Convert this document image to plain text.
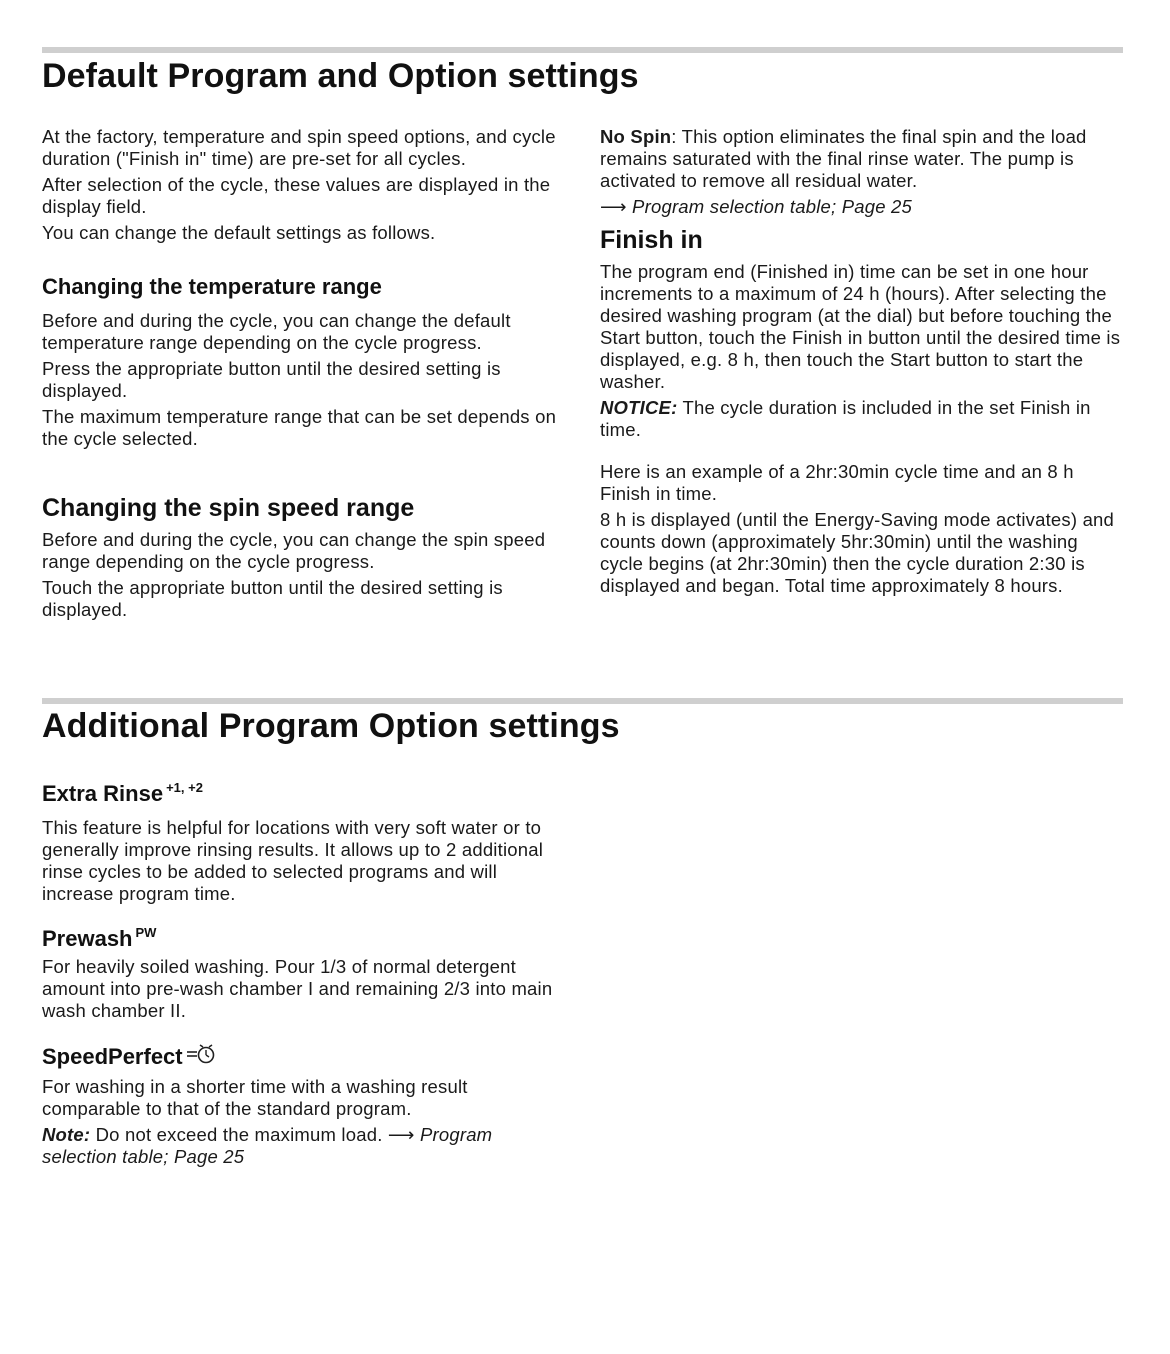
Default Program and Option settings

At the factory, temperature and spin speed options, and cycle duration ("Finish in" time) are pre-set for all cycles.

After selection of the cycle, these values are displayed in the display field.

You can change the default settings as follows.

Changing the temperature range

Before and during the cycle, you can change the default temperature range depending on the cycle progress.

Press the appropriate button until the desired setting is displayed.

The maximum temperature range that can be set depends on the cycle selected.

Changing the spin speed range

Before and during the cycle, you can change the spin speed range depending on the cycle progress.

Touch the appropriate button until the desired setting is displayed.

No Spin: This option eliminates the final spin and the load remains saturated with the final rinse water. The pump is activated to remove all residual water.

⟶ Program selection table; Page 25

Finish in

The program end (Finished in) time can be set in one hour increments to a maximum of 24 h (hours). After selecting the desired washing program (at the dial) but before touching the Start button, touch the Finish in button until the desired time is displayed, e.g. 8 h, then touch the Start button to start the washer.

NOTICE: The cycle duration is included in the set Finish in time.

Here is an example of a 2hr:30min cycle time and an 8 h Finish in time.

8 h is displayed (until the Energy-Saving mode activates) and counts down (approximately 5hr:30min) until the washing cycle begins (at 2hr:30min) then the cycle duration 2:30 is displayed and began. Total time approximately 8 hours.

Additional Program Option settings
Extra Rinse $^{+1, +2}$

This feature is helpful for locations with very soft water or to generally improve rinsing results. It allows up to 2 additional rinse cycles to be added to selected programs and will increase program time.

Prewash $^{PW}$

For heavily soiled washing. Pour 1/3 of normal detergent amount into pre-wash chamber I and remaining 2/3 into main wash chamber II.

SpeedPerfect

For washing in a shorter time with a washing result comparable to that of the standard program.

Note: Do not exceed the maximum load. ⟶ Program selection table; Page 25
